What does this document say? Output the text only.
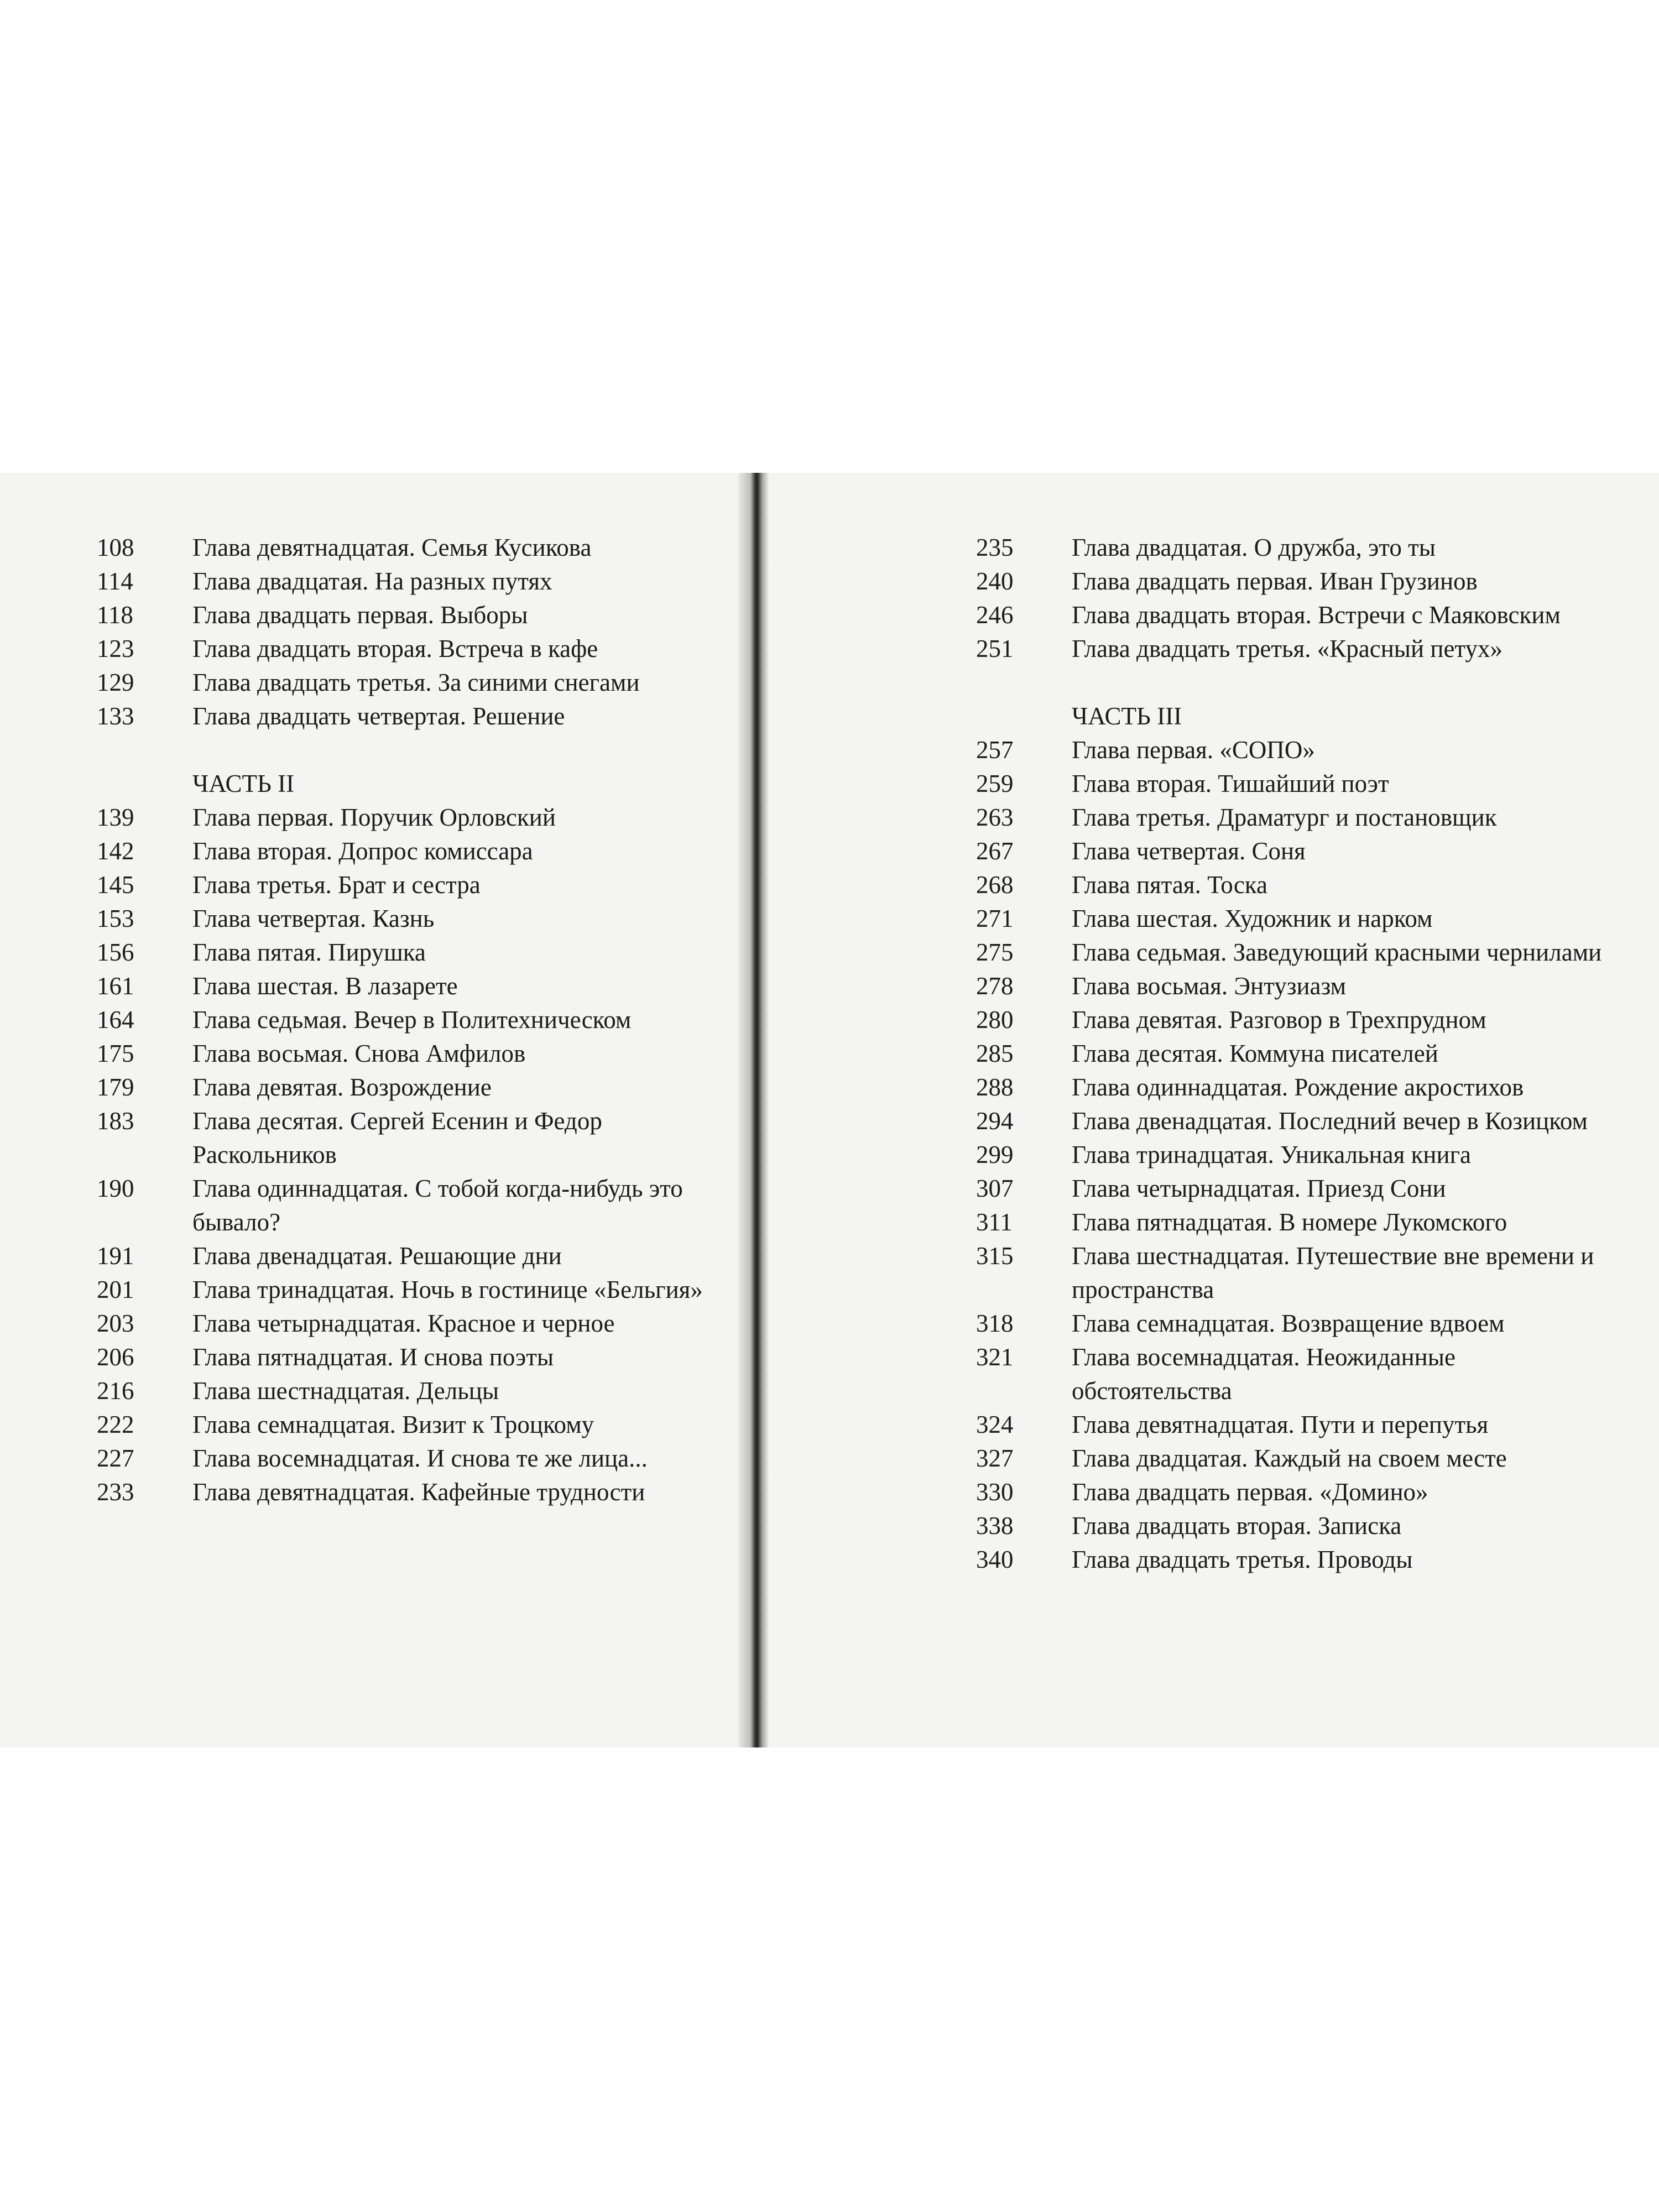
108	Глава девятнадцатая. Семья Кусикова
114	Глава двадцатая. На разных путях
118	Глава двадцать первая. Выборы
123	Глава двадцать вторая. Встреча в кафе
129	Глава двадцать третья. За синими снегами
133	Глава двадцать четвертая. Решение
ЧАСТЬ II
139	Глава первая. Поручик Орловский
142	Глава вторая. Допрос комиссара
145	Глава третья. Брат и сестра
153	Глава четвертая. Казнь
156	Глава пятая. Пирушка
161	Глава шестая. В лазарете
164	Глава седьмая. Вечер в Политехническом
175	Глава восьмая. Снова Амфилов
179	Глава девятая. Возрождение
183	Глава десятая. Сергей Есенин и Федор Раскольников
190	Глава одиннадцатая. С тобой когда-нибудь это бывало?
191	Глава двенадцатая. Решающие дни
201	Глава тринадцатая. Ночь в гостинице «Бельгия»
203	Глава четырнадцатая. Красное и черное
206	Глава пятнадцатая. И снова поэты
216	Глава шестнадцатая. Дельцы
222	Глава семнадцатая. Визит к Троцкому
227	Глава восемнадцатая. И снова те же лица...
233	Глава девятнадцатая. Кафейные трудности
235	Глава двадцатая. О дружба, это ты
240	Глава двадцать первая. Иван Грузинов
246	Глава двадцать вторая. Встречи с Маяковским
251	Глава двадцать третья. «Красный петух»
ЧАСТЬ III
257	Глава первая. «СОПО»
259	Глава вторая. Тишайший поэт
263	Глава третья. Драматург и постановщик
267	Глава четвертая. Соня
268	Глава пятая. Тоска
271	Глава шестая. Художник и нарком
275	Глава седьмая. Заведующий красными чернилами
278	Глава восьмая. Энтузиазм
280	Глава девятая. Разговор в Трехпрудном
285	Глава десятая. Коммуна писателей
288	Глава одиннадцатая. Рождение акростихов
294	Глава двенадцатая. Последний вечер в Козицком
299	Глава тринадцатая. Уникальная книга
307	Глава четырнадцатая. Приезд Сони
311	Глава пятнадцатая. В номере Лукомского
315	Глава шестнадцатая. Путешествие вне времени и пространства
318	Глава семнадцатая. Возвращение вдвоем
321	Глава восемнадцатая. Неожиданные обстоятельства
324	Глава девятнадцатая. Пути и перепутья
327	Глава двадцатая. Каждый на своем месте
330	Глава двадцать первая. «Домино»
338	Глава двадцать вторая. Записка
340	Глава двадцать третья. Проводы
